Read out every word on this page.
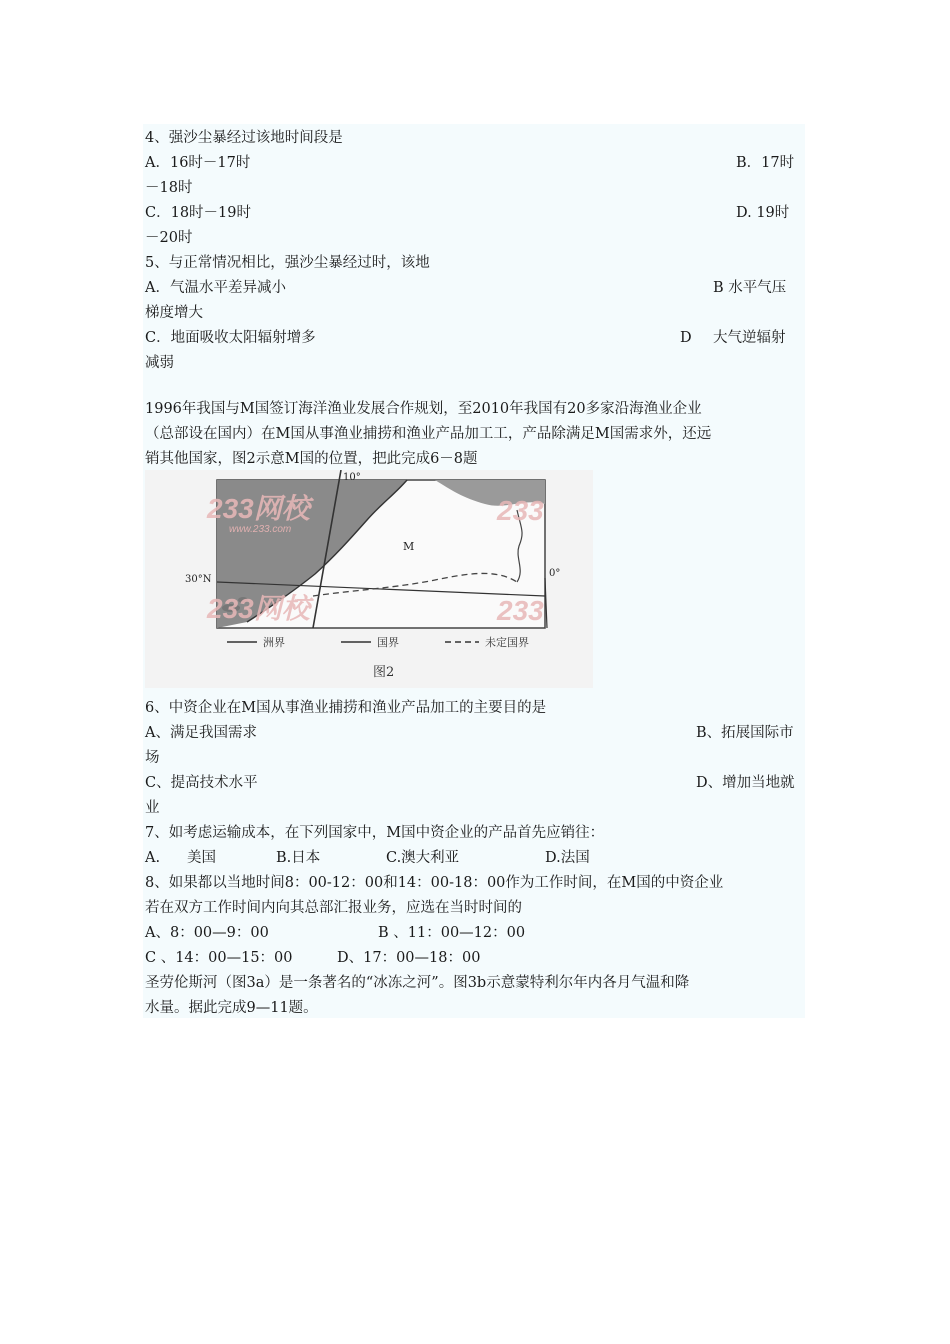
4、强沙尘暴经过该地时间段是
A．16时－17时	B．17时
－18时
C．18时－19时	D. 19时
－20时
5、与正常情况相比，强沙尘暴经过时，该地
A．气温水平差异减小	B 水平气压
梯度增大
C．地面吸收太阳辐射增多	D 大气逆辐射
减弱
1996年我国与M国签订海洋渔业发展合作规划，至2010年我国有20多家沿海渔业企业
（总部设在国内）在M国从事渔业捕捞和渔业产品加工工，产品除满足M国需求外，还远
销其他国家，图2示意M国的位置，把此完成6－8题
233网校
www.233.com
233
233网校	233
10°
0°
30°N
M
洲界	国界	未定国界
图2
6、中资企业在M国从事渔业捕捞和渔业产品加工的主要目的是
A、满足我国需求	B、拓展国际市
场
C、提高技术水平	D、增加当地就
业
7、如考虑运输成本，在下列国家中，M国中资企业的产品首先应销往：
A. 美国	B.日本	C.澳大利亚	D.法国
8、如果都以当地时间8：00-12：00和14：00-18：00作为工作时间，在M国的中资企业
若在双方工作时间内向其总部汇报业务，应选在当时时间的
A、8：00—9：00	B 、11：00—12：00
C 、14：00—15：00	D、17：00—18：00
圣劳伦斯河（图3a）是一条著名的“冰冻之河”。图3b示意蒙特利尔年内各月气温和降
水量。据此完成9—11题。
